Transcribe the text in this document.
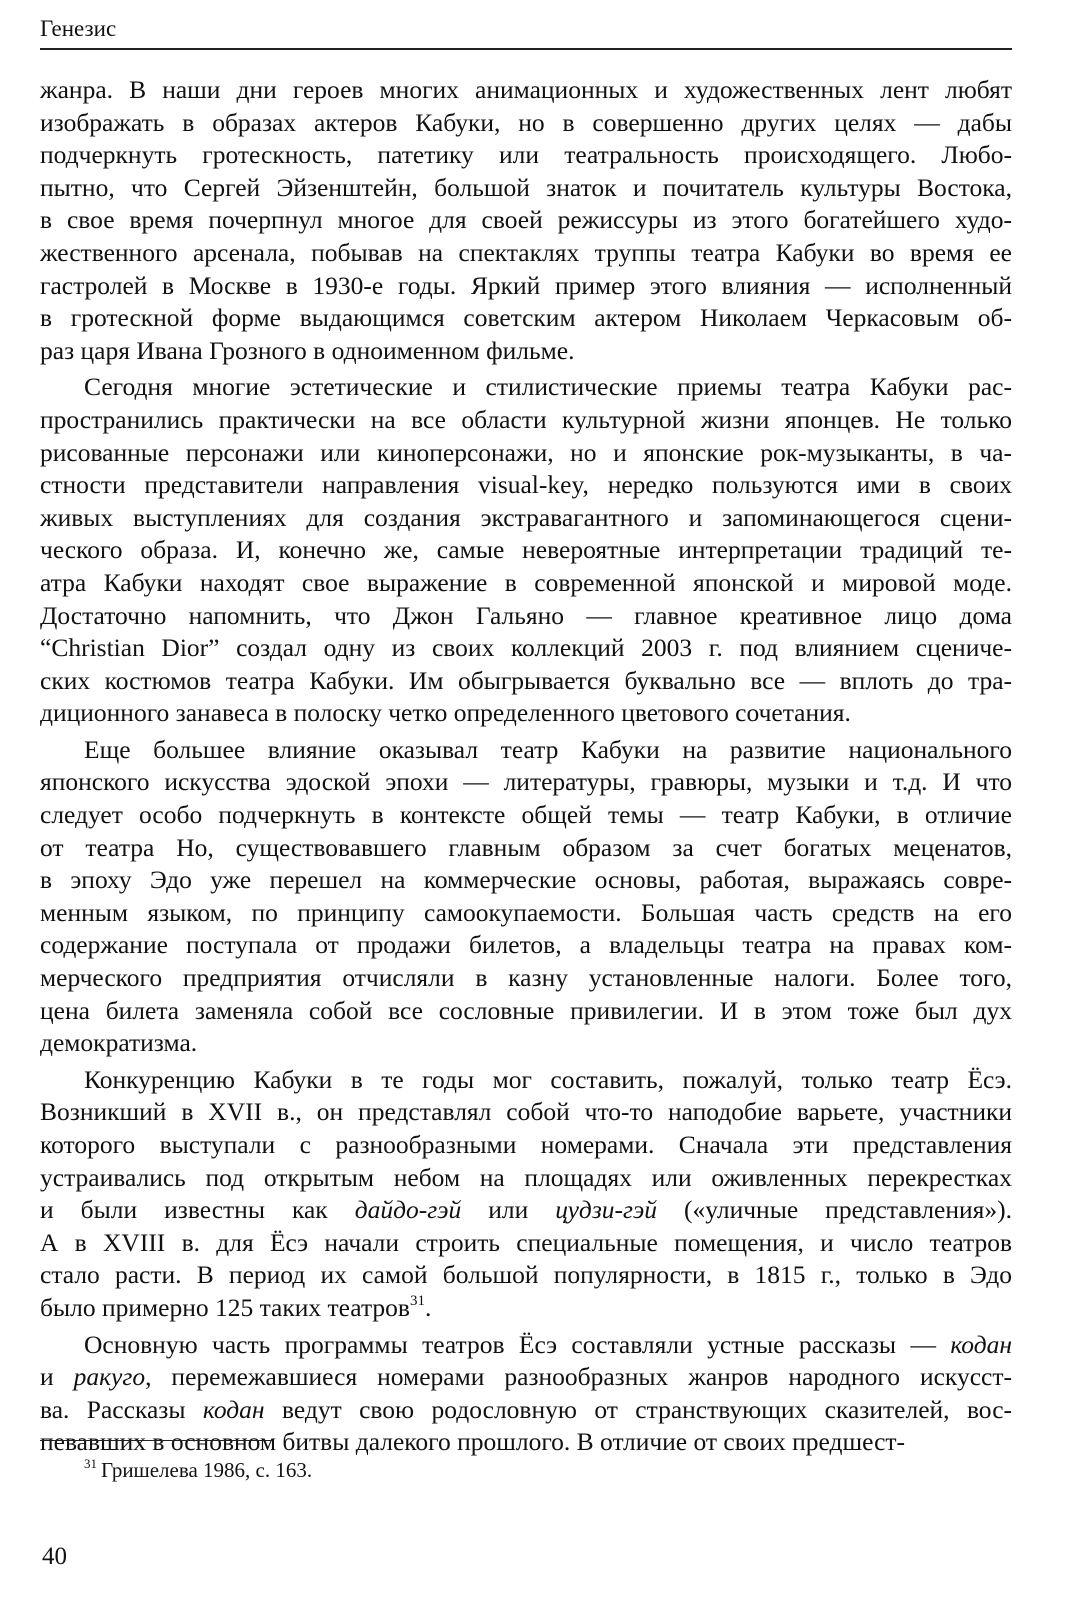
Генезис
жанра. В наши дни героев многих анимационных и художественных лент любят
изображать в образах актеров Кабуки, но в совершенно других целях — дабы
подчеркнуть гротескность, патетику или театральность происходящего. Любо-
пытно, что Сергей Эйзенштейн, большой знаток и почитатель культуры Востока,
в свое время почерпнул многое для своей режиссуры из этого богатейшего худо-
жественного арсенала, побывав на спектаклях труппы театра Кабуки во время ее
гастролей в Москве в 1930-е годы. Яркий пример этого влияния — исполненный
в гротескной форме выдающимся советским актером Николаем Черкасовым об-
раз царя Ивана Грозного в одноименном фильме.
Сегодня многие эстетические и стилистические приемы театра Кабуки рас-
пространились практически на все области культурной жизни японцев. Не только
рисованные персонажи или киноперсонажи, но и японские рок-музыканты, в ча-
стности представители направления visual-key, нередко пользуются ими в своих
живых выступлениях для создания экстравагантного и запоминающегося сцени-
ческого образа. И, конечно же, самые невероятные интерпретации традиций те-
атра Кабуки находят свое выражение в современной японской и мировой моде.
Достаточно напомнить, что Джон Гальяно — главное креативное лицо дома
“Christian Dior” создал одну из своих коллекций 2003 г. под влиянием сцениче-
ских костюмов театра Кабуки. Им обыгрывается буквально все — вплоть до тра-
диционного занавеса в полоску четко определенного цветового сочетания.
Еще большее влияние оказывал театр Кабуки на развитие национального
японского искусства эдоской эпохи — литературы, гравюры, музыки и т.д. И что
следует особо подчеркнуть в контексте общей темы — театр Кабуки, в отличие
от театра Но, существовавшего главным образом за счет богатых меценатов,
в эпоху Эдо уже перешел на коммерческие основы, работая, выражаясь совре-
менным языком, по принципу самоокупаемости. Большая часть средств на его
содержание поступала от продажи билетов, а владельцы театра на правах ком-
мерческого предприятия отчисляли в казну установленные налоги. Более того,
цена билета заменяла собой все сословные привилегии. И в этом тоже был дух
демократизма.
Конкуренцию Кабуки в те годы мог составить, пожалуй, только театр Ёсэ.
Возникший в XVII в., он представлял собой что-то наподобие варьете, участники
которого выступали с разнообразными номерами. Сначала эти представления
устраивались под открытым небом на площадях или оживленных перекрестках
и были известны как дайдо-гэй или цудзи-гэй («уличные представления»).
А в XVIII в. для Ёсэ начали строить специальные помещения, и число театров
стало расти. В период их самой большой популярности, в 1815 г., только в Эдо
было примерно 125 таких театров$^{31}$.
Основную часть программы театров Ёсэ составляли устные рассказы — кодан
и ракуго, перемежавшиеся номерами разнообразных жанров народного искусст-
ва. Рассказы кодан ведут свою родословную от странствующих сказителей, вос-
певавших в основном битвы далекого прошлого. В отличие от своих предшест-
$^{31}$ Гришелева 1986, с. 163.
40
